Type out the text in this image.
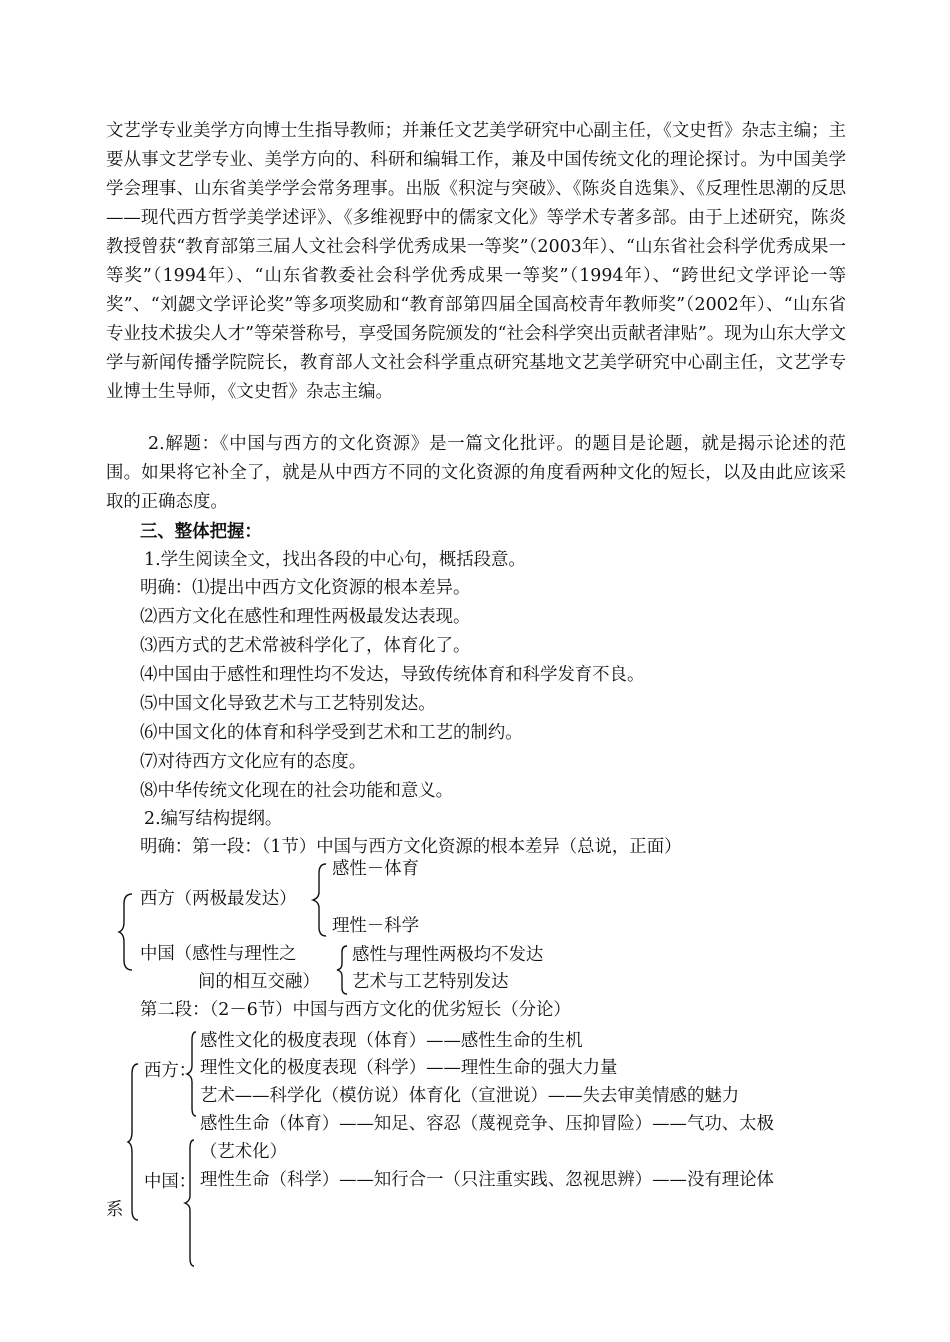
文艺学专业美学方向博士生指导教师；并兼任文艺美学研究中心副主任，《文史哲》杂志主编；主要从事文艺学专业、美学方向的、科研和编辑工作，兼及中国传统文化的理论探讨。为中国美学学会理事、山东省美学学会常务理事。出版《积淀与突破》、《陈炎自选集》、《反理性思潮的反思——现代西方哲学美学述评》、《多维视野中的儒家文化》等学术专著多部。由于上述研究，陈炎教授曾获“教育部第三届人文社会科学优秀成果一等奖”（2003年）、“山东省社会科学优秀成果一等奖”（1994年）、“山东省教委社会科学优秀成果一等奖”（1994年）、“跨世纪文学评论一等奖”、“刘勰文学评论奖”等多项奖励和“教育部第四届全国高校青年教师奖”（2002年）、“山东省专业技术拔尖人才”等荣誉称号，享受国务院颁发的“社会科学突出贡献者津贴”。现为山东大学文学与新闻传播学院院长，教育部人文社会科学重点研究基地文艺美学研究中心副主任，文艺学专业博士生导师，《文史哲》杂志主编。

2.解题：《中国与西方的文化资源》是一篇文化批评。的题目是论题，就是揭示论述的范围。如果将它补全了，就是从中西方不同的文化资源的角度看两种文化的短长，以及由此应该采取的正确态度。

三、整体把握：

1.学生阅读全文，找出各段的中心句，概括段意。

明确：⑴提出中西方文化资源的根本差异。

⑵西方文化在感性和理性两极最发达表现。

⑶西方式的艺术常被科学化了，体育化了。

⑷中国由于感性和理性均不发达，导致传统体育和科学发育不良。

⑸中国文化导致艺术与工艺特别发达。

⑹中国文化的体育和科学受到艺术和工艺的制约。

⑺对待西方文化应有的态度。

⑻中华传统文化现在的社会功能和意义。

2.编写结构提纲。

明确：第一段：（1节）中国与西方文化资源的根本差异（总说，正面）

西方（两极最发达）

感性－体育

理性－科学

中国（感性与理性之

间的相互交融）

感性与理性两极均不发达

艺术与工艺特别发达

第二段：（2－6节）中国与西方文化的优劣短长（分论）

西方：

感性文化的极度表现（体育）——感性生命的生机

理性文化的极度表现（科学）——理性生命的强大力量

艺术——科学化（模仿说）体育化（宣泄说）——失去审美情感的魅力

中国：

感性生命（体育）——知足、容忍（蔑视竞争、压抑冒险）——气功、太极

（艺术化）

理性生命（科学）——知行合一（只注重实践、忽视思辨）——没有理论体

系
